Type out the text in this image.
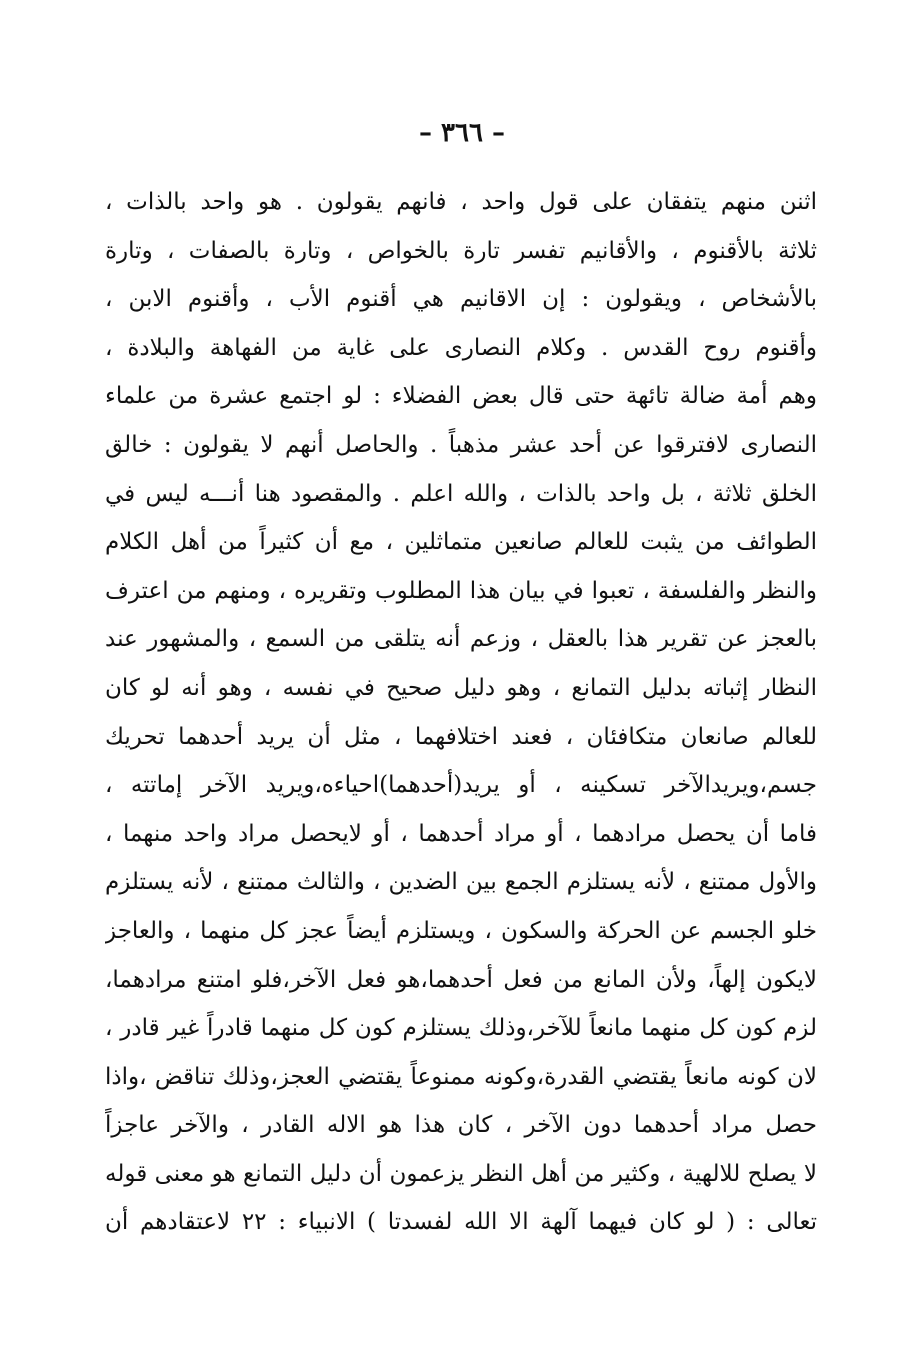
– ٣٦٦ –
اثنن منهم يتفقان على قول واحد ، فانهم يقولون . هو واحد بالذات ،
ثلاثة بالأقنوم ، والأقانيم تفسر تارة بالخواص ، وتارة بالصفات ، وتارة
بالأشخاص ، ويقولون : إن الاقانيم هي أقنوم الأب ، وأقنوم الابن ،
وأقنوم روح القدس . وكلام النصارى على غاية من الفهاهة والبلادة ،
وهم أمة ضالة تائهة حتى قال بعض الفضلاء : لو اجتمع عشرة من علماء
النصارى لافترقوا عن أحد عشر مذهباً . والحاصل أنهم لا يقولون : خالق
الخلق ثلاثة ، بل واحد بالذات ، والله اعلم . والمقصود هنا أنـــه ليس في
الطوائف من يثبت للعالم صانعين متماثلين ، مع أن كثيراً من أهل الكلام
والنظر والفلسفة ، تعبوا في بيان هذا المطلوب وتقريره ، ومنهم من اعترف
بالعجز عن تقرير هذا بالعقل ، وزعم أنه يتلقى من السمع ، والمشهور عند
النظار إثباته بدليل التمانع ، وهو دليل صحيح في نفسه ، وهو أنه لو كان
للعالم صانعان متكافئان ، فعند اختلافهما ، مثل أن يريد أحدهما تحريك
جسم،ويريدالآخر تسكينه ، أو يريد(أحدهما)احياءه،ويريد الآخر إماتته ،
فاما أن يحصل مرادهما ، أو مراد أحدهما ، أو لايحصل مراد واحد منهما ،
والأول ممتنع ، لأنه يستلزم الجمع بين الضدين ، والثالث ممتنع ، لأنه يستلزم
خلو الجسم عن الحركة والسكون ، ويستلزم أيضاً عجز كل منهما ، والعاجز
لايكون إلهاً، ولأن المانع من فعل أحدهما،هو فعل الآخر،فلو امتنع مرادهما،
لزم كون كل منهما مانعاً للآخر،وذلك يستلزم كون كل منهما قادراً غير قادر ،
لان كونه مانعاً يقتضي القدرة،وكونه ممنوعاً يقتضي العجز،وذلك تناقض ،واذا
حصل مراد أحدهما دون الآخر ، كان هذا هو الاله القادر ، والآخر عاجزاً
لا يصلح للالهية ، وكثير من أهل النظر يزعمون أن دليل التمانع هو معنى قوله
تعالى : ( لو كان فيهما آلهة الا الله لفسدتا ) الانبياء : ٢٢ لاعتقادهم أن
